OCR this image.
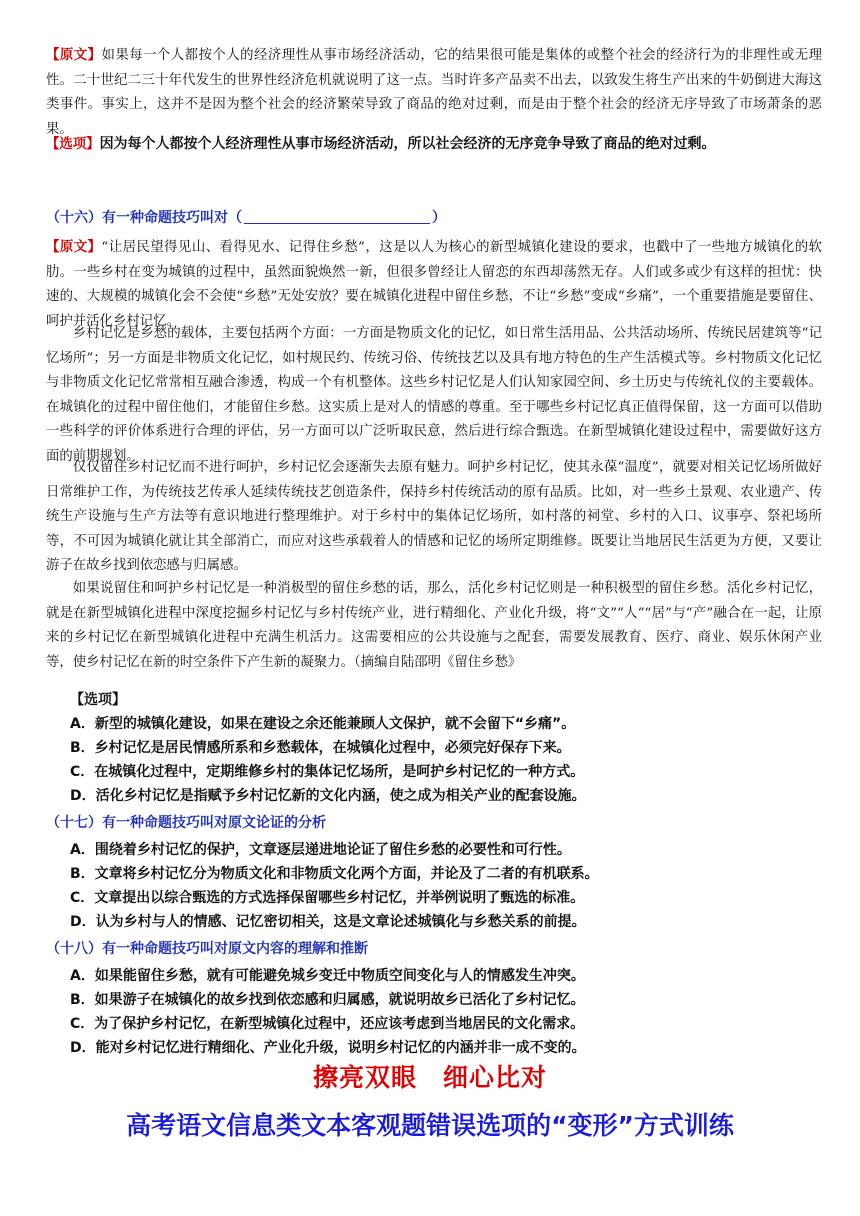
【原文】如果每一个人都按个人的经济理性从事市场经济活动，它的结果很可能是集体的或整个社会的经济行为的非理性或无理性。二十世纪二三十年代发生的世界性经济危机就说明了这一点。当时许多产品卖不出去，以致发生将生产出来的牛奶倒进大海这类事件。事实上，这并不是因为整个社会的经济繁荣导致了商品的绝对过剩，而是由于整个社会的经济无序导致了市场萧条的恶果。
【选项】因为每个人都按个人经济理性从事市场经济活动，所以社会经济的无序竞争导致了商品的绝对过剩。
（十六）有一种命题技巧叫对（	）
【原文】“让居民望得见山、看得见水、记得住乡愁”，这是以人为核心的新型城镇化建设的要求，也戳中了一些地方城镇化的软肋。一些乡村在变为城镇的过程中，虽然面貌焕然一新，但很多曾经让人留恋的东西却荡然无存。人们或多或少有这样的担忧：快速的、大规模的城镇化会不会使“乡愁”无处安放？要在城镇化进程中留住乡愁，不让“乡愁”变成“乡痛”，一个重要措施是要留住、呵护并活化乡村记忆。
乡村记忆是乡愁的载体，主要包括两个方面：一方面是物质文化的记忆，如日常生活用品、公共活动场所、传统民居建筑等“记忆场所”；另一方面是非物质文化记忆，如村规民约、传统习俗、传统技艺以及具有地方特色的生产生活模式等。乡村物质文化记忆与非物质文化记忆常常相互融合渗透，构成一个有机整体。这些乡村记忆是人们认知家园空间、乡土历史与传统礼仪的主要载体。在城镇化的过程中留住他们，才能留住乡愁。这实质上是对人的情感的尊重。至于哪些乡村记忆真正值得保留，这一方面可以借助一些科学的评价体系进行合理的评估，另一方面可以广泛听取民意，然后进行综合甄选。在新型城镇化建设过程中，需要做好这方面的前期规划。
仅仅留住乡村记忆而不进行呵护，乡村记忆会逐渐失去原有魅力。呵护乡村记忆，使其永葆“温度”，就要对相关记忆场所做好日常维护工作，为传统技艺传承人延续传统技艺创造条件，保持乡村传统活动的原有品质。比如，对一些乡土景观、农业遗产、传统生产设施与生产方法等有意识地进行整理维护。对于乡村中的集体记忆场所，如村落的祠堂、乡村的入口、议事亭、祭祀场所等，不可因为城镇化就让其全部消亡，而应对这些承载着人的情感和记忆的场所定期维修。既要让当地居民生活更为方便，又要让游子在故乡找到依恋感与归属感。
如果说留住和呵护乡村记忆是一种消极型的留住乡愁的话，那么，活化乡村记忆则是一种积极型的留住乡愁。活化乡村记忆，就是在新型城镇化进程中深度挖掘乡村记忆与乡村传统产业，进行精细化、产业化升级，将“文”“人”“居”与“产”融合在一起，让原来的乡村记忆在新型城镇化进程中充满生机活力。这需要相应的公共设施与之配套，需要发展教育、医疗、商业、娱乐休闲产业等，使乡村记忆在新的时空条件下产生新的凝聚力。（摘编自陆邵明《留住乡愁》
【选项】
A．新型的城镇化建设，如果在建设之余还能兼顾人文保护，就不会留下“乡痛”。
B．乡村记忆是居民情感所系和乡愁载体，在城镇化过程中，必须完好保存下来。
C．在城镇化过程中，定期维修乡村的集体记忆场所，是呵护乡村记忆的一种方式。
D．活化乡村记忆是指赋予乡村记忆新的文化内涵，使之成为相关产业的配套设施。
（十七）有一种命题技巧叫对原文论证的分析
A．围绕着乡村记忆的保护，文章逐层递进地论证了留住乡愁的必要性和可行性。
B．文章将乡村记忆分为物质文化和非物质文化两个方面，并论及了二者的有机联系。
C．文章提出以综合甄选的方式选择保留哪些乡村记忆，并举例说明了甄选的标准。
D．认为乡村与人的情感、记忆密切相关，这是文章论述城镇化与乡愁关系的前提。
（十八）有一种命题技巧叫对原文内容的理解和推断
A．如果能留住乡愁，就有可能避免城乡变迁中物质空间变化与人的情感发生冲突。
B．如果游子在城镇化的故乡找到依恋感和归属感，就说明故乡已活化了乡村记忆。
C．为了保护乡村记忆，在新型城镇化过程中，还应该考虑到当地居民的文化需求。
D．能对乡村记忆进行精细化、产业化升级，说明乡村记忆的内涵并非一成不变的。
擦亮双眼　细心比对
高考语文信息类文本客观题错误选项的“变形”方式训练
